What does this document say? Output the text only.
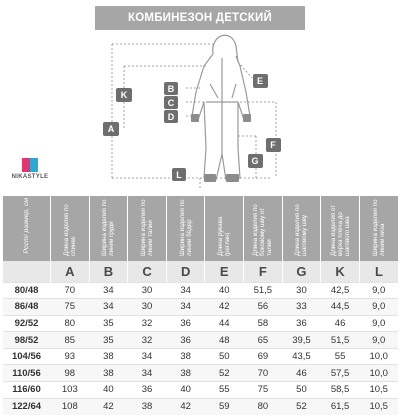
КОМБИНЕЗОН ДЕТСКИЙ
A
K
B
C
D
E
F
G
L
NIKASTYLE
Рост/ размер, см	Длина изделия по спинке	Ширина изделия по линии груди	Ширина изделия по линии талии	Ширина изделия по линии бёдер	Длина рукава (реглан)	Длина изделия по боковому шву от талии	Длина изделия по шаговому шву	Длина изделия от верха плеча до шагового шва	Ширина изделия по линии низа
	A	B	C	D	E	F	G	K	L
80/48	70	34	30	34	40	51,5	30	42,5	9,0
86/48	75	34	30	34	42	56	33	44,5	9,0
92/52	80	35	32	36	44	58	36	46	9,0
98/52	85	35	32	36	48	65	39,5	51,5	9,0
104/56	93	38	34	38	50	69	43,5	55	10,0
110/56	98	38	34	38	52	70	46	57,5	10,0
116/60	103	40	36	40	55	75	50	58,5	10,5
122/64	108	42	38	42	59	80	52	61,5	10,5
